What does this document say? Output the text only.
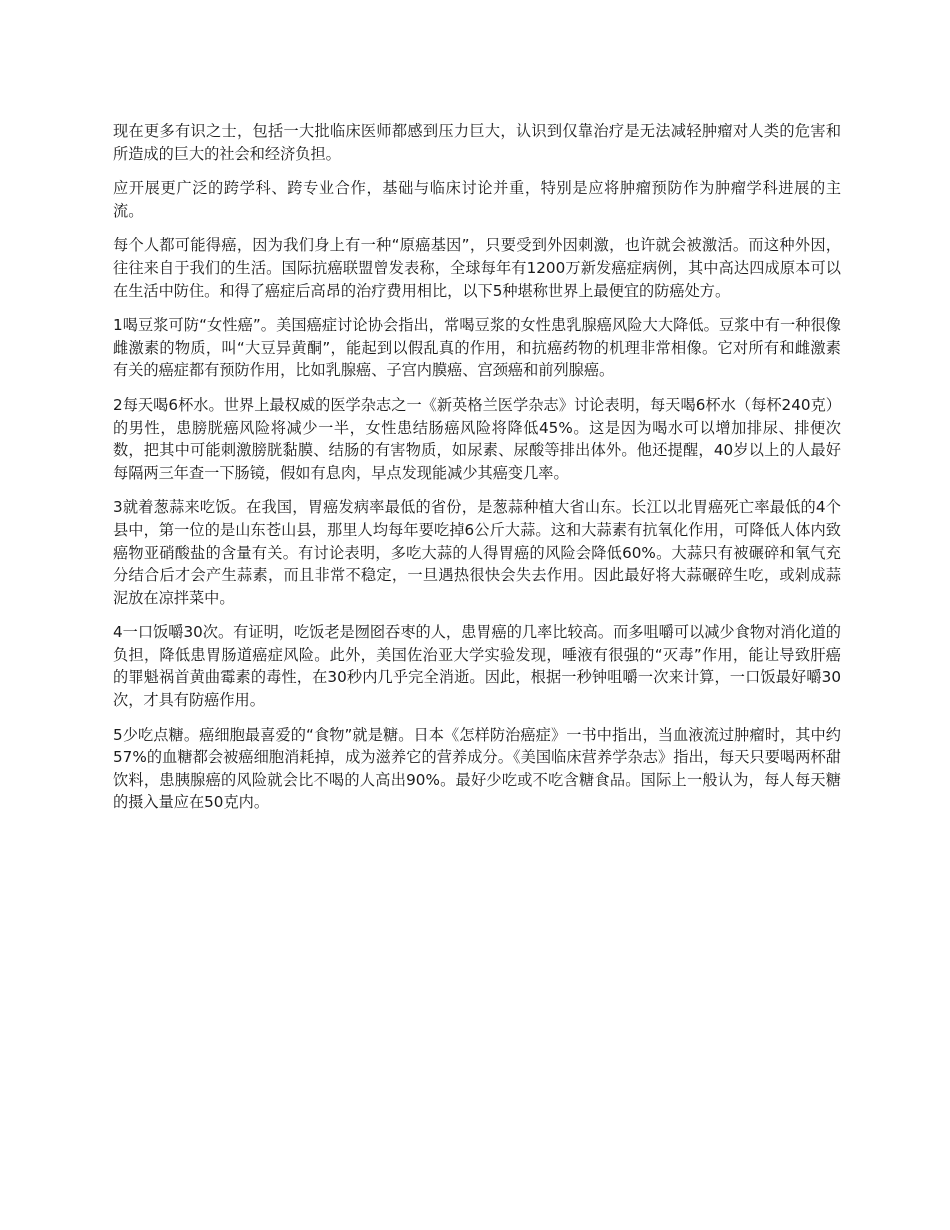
现在更多有识之士，包括一大批临床医师都感到压力巨大，认识到仅靠治疗是无法减轻肿瘤对人类的危害和所造成的巨大的社会和经济负担。

应开展更广泛的跨学科、跨专业合作，基础与临床讨论并重，特别是应将肿瘤预防作为肿瘤学科进展的主流。

每个人都可能得癌，因为我们身上有一种“原癌基因”，只要受到外因刺激，也许就会被激活。而这种外因，往往来自于我们的生活。国际抗癌联盟曾发表称，全球每年有1200万新发癌症病例，其中高达四成原本可以在生活中防住。和得了癌症后高昂的治疗费用相比，以下5种堪称世界上最便宜的防癌处方。

1喝豆浆可防“女性癌”。美国癌症讨论协会指出，常喝豆浆的女性患乳腺癌风险大大降低。豆浆中有一种很像雌激素的物质，叫“大豆异黄酮”，能起到以假乱真的作用，和抗癌药物的机理非常相像。它对所有和雌激素有关的癌症都有预防作用，比如乳腺癌、子宫内膜癌、宫颈癌和前列腺癌。

2每天喝6杯水。世界上最权威的医学杂志之一《新英格兰医学杂志》讨论表明，每天喝6杯水（每杯240克）的男性，患膀胱癌风险将减少一半，女性患结肠癌风险将降低45%。这是因为喝水可以增加排尿、排便次数，把其中可能刺激膀胱黏膜、结肠的有害物质，如尿素、尿酸等排出体外。他还提醒，40岁以上的人最好每隔两三年查一下肠镜，假如有息肉，早点发现能减少其癌变几率。

3就着葱蒜来吃饭。在我国，胃癌发病率最低的省份，是葱蒜种植大省山东。长江以北胃癌死亡率最低的4个县中，第一位的是山东苍山县，那里人均每年要吃掉6公斤大蒜。这和大蒜素有抗氧化作用，可降低人体内致癌物亚硝酸盐的含量有关。有讨论表明，多吃大蒜的人得胃癌的风险会降低60%。大蒜只有被碾碎和氧气充分结合后才会产生蒜素，而且非常不稳定，一旦遇热很快会失去作用。因此最好将大蒜碾碎生吃，或剁成蒜泥放在凉拌菜中。

4一口饭嚼30次。有证明，吃饭老是囫囵吞枣的人，患胃癌的几率比较高。而多咀嚼可以减少食物对消化道的负担，降低患胃肠道癌症风险。此外，美国佐治亚大学实验发现，唾液有很强的“灭毒”作用，能让导致肝癌的罪魁祸首黄曲霉素的毒性，在30秒内几乎完全消逝。因此，根据一秒钟咀嚼一次来计算，一口饭最好嚼30次，才具有防癌作用。

5少吃点糖。癌细胞最喜爱的“食物”就是糖。日本《怎样防治癌症》一书中指出，当血液流过肿瘤时，其中约57%的血糖都会被癌细胞消耗掉，成为滋养它的营养成分。《美国临床营养学杂志》指出，每天只要喝两杯甜饮料，患胰腺癌的风险就会比不喝的人高出90%。最好少吃或不吃含糖食品。国际上一般认为，每人每天糖的摄入量应在50克内。
